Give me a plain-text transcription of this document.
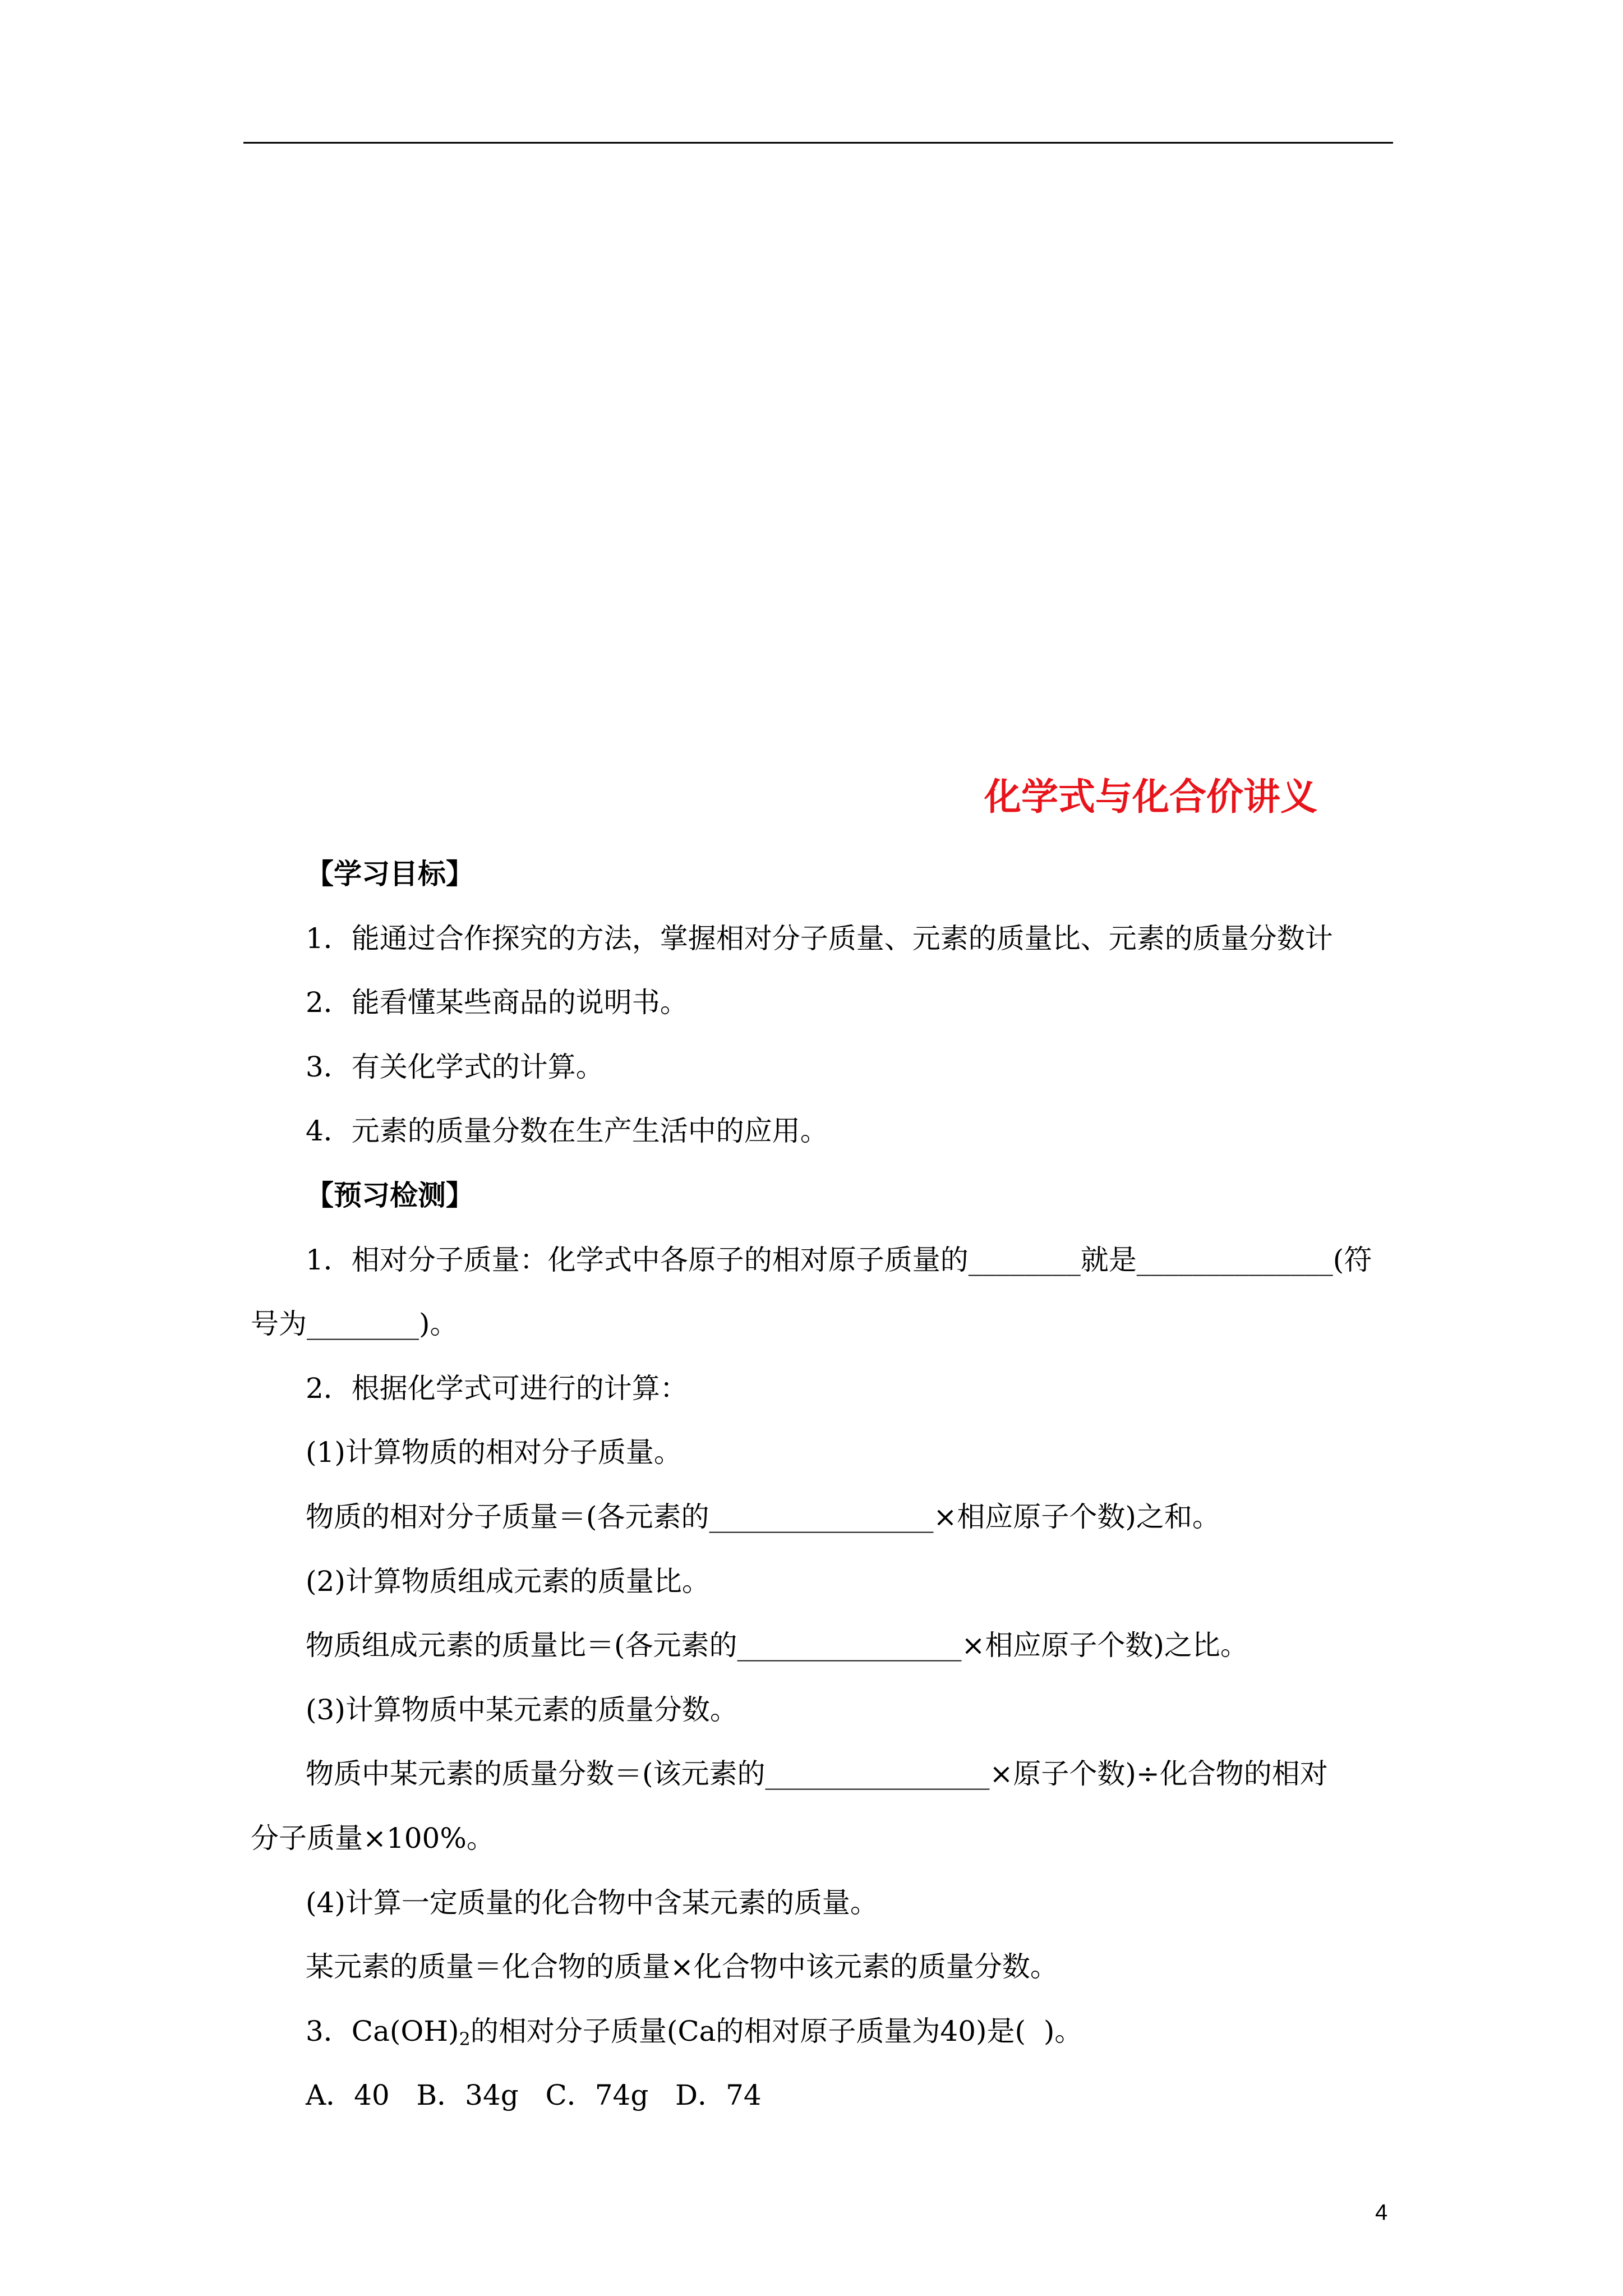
化学式与化合价讲义
【学习目标】
1．能通过合作探究的方法，掌握相对分子质量、元素的质量比、元素的质量分数计
2．能看懂某些商品的说明书。
3．有关化学式的计算。
4．元素的质量分数在生产生活中的应用。
【预习检测】
1．相对分子质量：化学式中各原子的相对原子质量的________就是______________(符
号为________)。
2．根据化学式可进行的计算：
(1)计算物质的相对分子质量。
物质的相对分子质量＝(各元素的________________×相应原子个数)之和。
(2)计算物质组成元素的质量比。
物质组成元素的质量比＝(各元素的________________×相应原子个数)之比。
(3)计算物质中某元素的质量分数。
物质中某元素的质量分数＝(该元素的________________×原子个数)÷化合物的相对
分子质量×100%。
(4)计算一定质量的化合物中含某元素的质量。
某元素的质量＝化合物的质量×化合物中该元素的质量分数。
3．$Ca(OH)_2$的相对分子质量(Ca的相对原子质量为40)是(  )。
A．40   B．34g   C．74g   D．74
4
